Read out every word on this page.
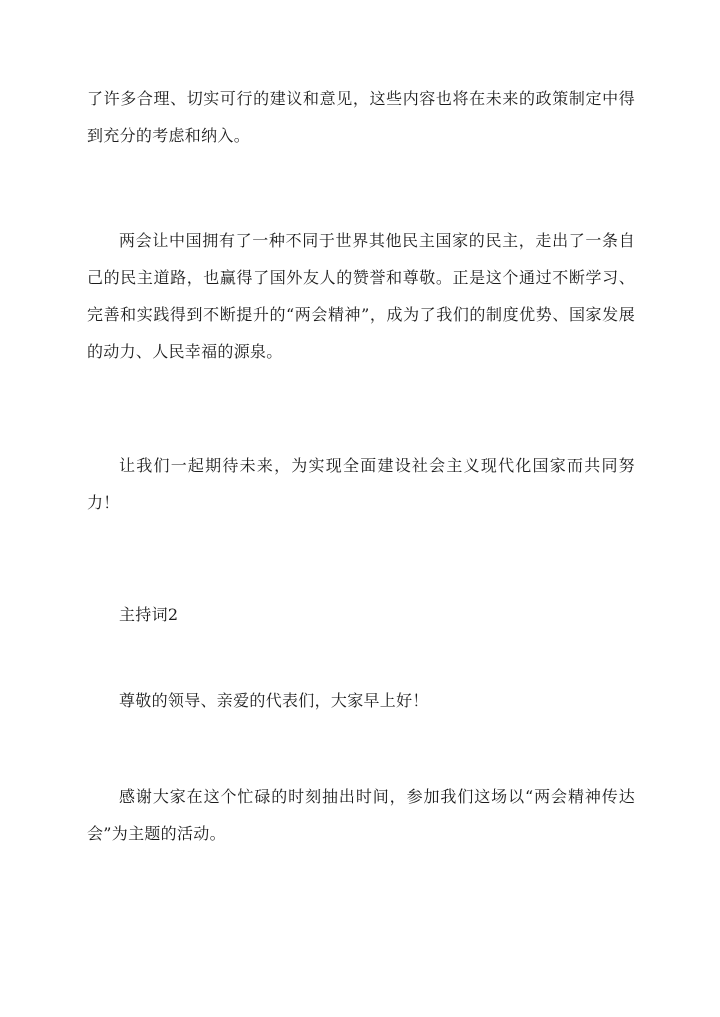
了许多合理、切实可行的建议和意见，这些内容也将在未来的政策制定中得到充分的考虑和纳入。

两会让中国拥有了一种不同于世界其他民主国家的民主，走出了一条自己的民主道路，也赢得了国外友人的赞誉和尊敬。正是这个通过不断学习、完善和实践得到不断提升的“两会精神”，成为了我们的制度优势、国家发展的动力、人民幸福的源泉。

让我们一起期待未来，为实现全面建设社会主义现代化国家而共同努力！

主持词2

尊敬的领导、亲爱的代表们，大家早上好！

感谢大家在这个忙碌的时刻抽出时间，参加我们这场以“两会精神传达会”为主题的活动。
